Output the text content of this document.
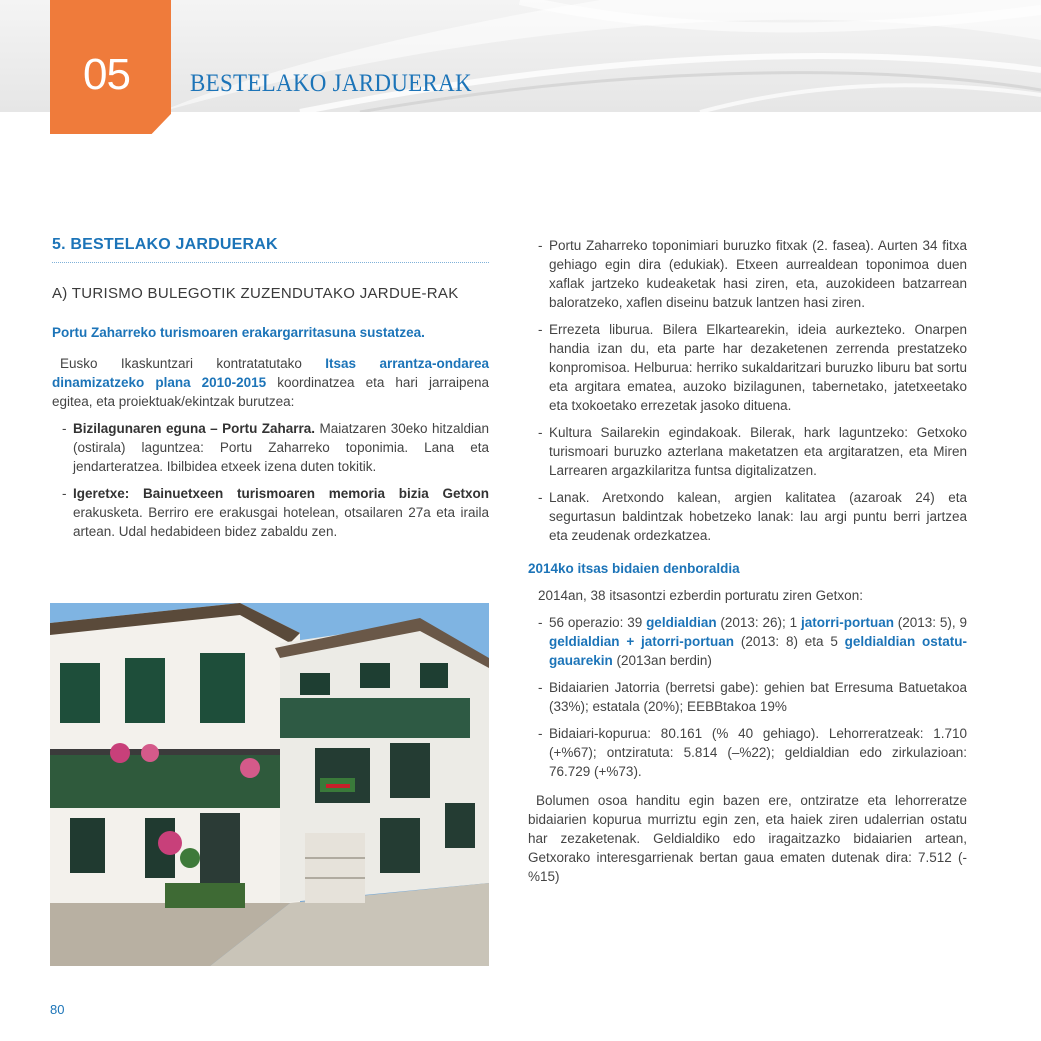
05 BESTELAKO JARDUERAK
5. BESTELAKO JARDUERAK
A) TURISMO BULEGOTIK ZUZENDUTAKO JARDUE-RAK
Portu Zaharreko turismoaren erakargarritasuna sustatzea.

Eusko Ikaskuntzari kontratatutako Itsas arrantza-ondarea dinamizatzeko plana 2010-2015 koordinatzea eta hari jarraipena egitea, eta proiektuak/ekintzak burutzea:

- Bizilagunaren eguna – Portu Zaharra. Maiatzaren 30eko hitzaldian (ostirala) laguntzea: Portu Zaharreko toponimia. Lana eta jendarteratzea. Ibilbidea etxeek izena duten tokitik.
- Igeretxe: Bainuetxeen turismoaren memoria bizia Getxon erakusketa. Berriro ere erakusgai hotelean, otsailaren 27a eta iraila artean. Udal hedabideen bidez zabaldu zen.
- Portu Zaharreko toponimiari buruzko fitxak (2. fasea). Aurten 34 fitxa gehiago egin dira (edukiak). Etxeen aurrealdean toponimoa duen xaflak jartzeko kudeaketak hasi ziren, eta, auzokideen batzarrean baloratzeko, xaflen diseinu batzuk lantzen hasi ziren.
- Errezeta liburua. Bilera Elkartearekin, ideia aurkezteko. Onarpen handia izan du, eta parte har dezaketenen zerrenda prestatzeko konpromisoa. Helburua: herriko sukaldaritzari buruzko liburu bat sortu eta argitara ematea, auzoko bizilagunen, tabernetako, jatetxeetako eta txokoetako errezetak jasoko dituena.
- Kultura Sailarekin egindakoak. Bilerak, hark laguntzeko: Getxoko turismoari buruzko azterlana maketatzen eta argitaratzen, eta Miren Larrearen argazkilaritza funtsa digitalizatzen.
- Lanak. Aretxondo kalean, argien kalitatea (azaroak 24) eta segurtasun baldintzak hobetzeko lanak: lau argi puntu berri jartzea eta zeudenak ordezkatzea.
2014ko itsas bidaien denboraldia

2014an, 38 itsasontzi ezberdin porturatu ziren Getxon:

- 56 operazio: 39 geldialdian (2013: 26); 1 jatorri-portuan (2013: 5), 9 geldialdian + jatorri-portuan (2013: 8) eta 5 geldialdian ostatu-gauarekin (2013an berdin)
- Bidaiarien Jatorria (berretsi gabe): gehien bat Erresuma Batuetakoa (33%); estatala (20%); EEBBtakoa 19%
- Bidaiari-kopurua: 80.161 (% 40 gehiago). Lehorreratzeak: 1.710 (+%67); ontziratuta: 5.814 (–%22); geldialdian edo zirkulazioan: 76.729 (+%73).

Bolumen osoa handitu egin bazen ere, ontziratze eta lehorreratze bidaiarien kopurua murriztu egin zen, eta haiek ziren udalerrian ostatu har zezaketenak. Geldialdiko edo iragaitzazko bidaiarien artean, Getxorako interesgarrienak bertan gaua ematen dutenak dira: 7.512 (-%15)

80
